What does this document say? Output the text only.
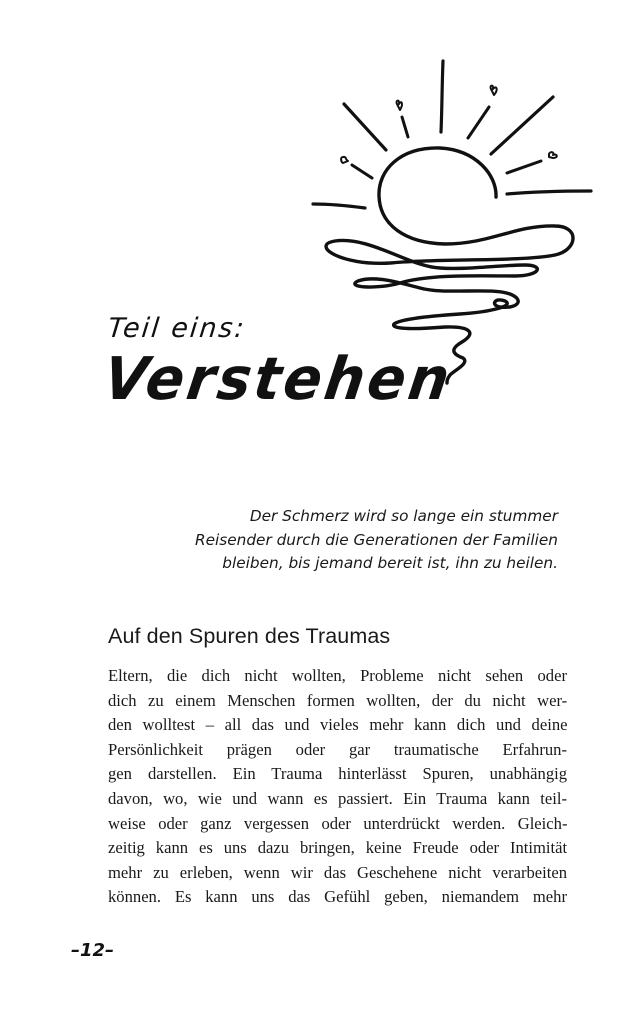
Teil eins:
Verstehen
Der Schmerz wird so lange ein stummer
Reisender durch die Generationen der Familien
bleiben, bis jemand bereit ist, ihn zu heilen.
Auf den Spuren des Traumas
Eltern, die dich nicht wollten, Probleme nicht sehen oder
dich zu einem Menschen formen wollten, der du nicht wer-
den wolltest – all das und vieles mehr kann dich und deine
Persönlichkeit prägen oder gar traumatische Erfahrun-
gen darstellen. Ein Trauma hinterlässt Spuren, unabhängig
davon, wo, wie und wann es passiert. Ein Trauma kann teil-
weise oder ganz vergessen oder unterdrückt werden. Gleich-
zeitig kann es uns dazu bringen, keine Freude oder Intimität
mehr zu erleben, wenn wir das Geschehene nicht verarbeiten
können. Es kann uns das Gefühl geben, niemandem mehr
–12–
